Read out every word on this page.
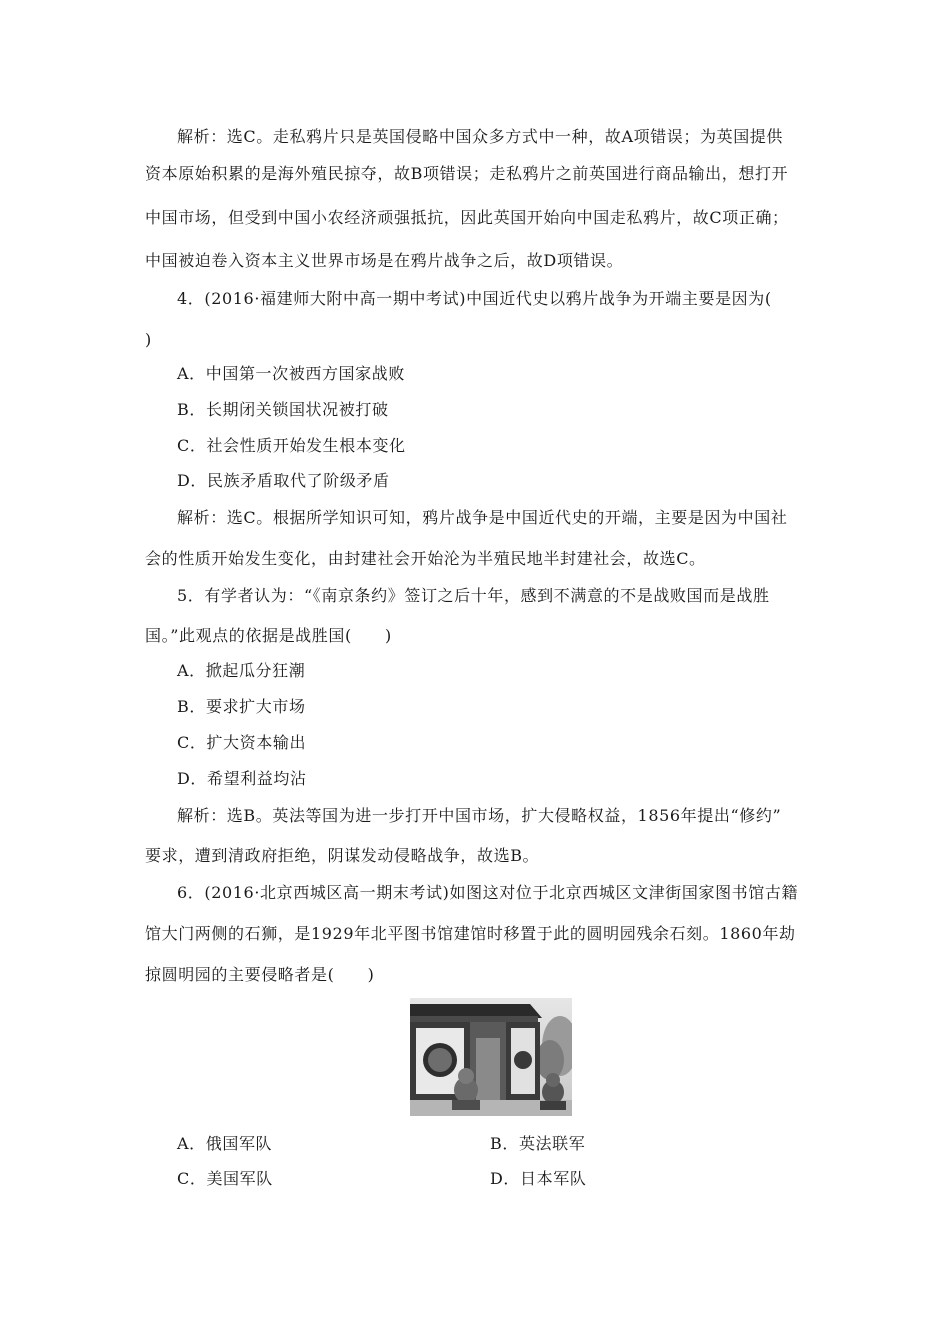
解析：选C。走私鸦片只是英国侵略中国众多方式中一种，故A项错误；为英国提供
资本原始积累的是海外殖民掠夺，故B项错误；走私鸦片之前英国进行商品输出，想打开
中国市场，但受到中国小农经济顽强抵抗，因此英国开始向中国走私鸦片，故C项正确；
中国被迫卷入资本主义世界市场是在鸦片战争之后，故D项错误。
4．(2016·福建师大附中高一期中考试)中国近代史以鸦片战争为开端主要是因为(
)
A．中国第一次被西方国家战败
B．长期闭关锁国状况被打破
C．社会性质开始发生根本变化
D．民族矛盾取代了阶级矛盾
解析：选C。根据所学知识可知，鸦片战争是中国近代史的开端，主要是因为中国社
会的性质开始发生变化，由封建社会开始沦为半殖民地半封建社会，故选C。
5．有学者认为：“《南京条约》签订之后十年，感到不满意的不是战败国而是战胜
国。”此观点的依据是战胜国(　　)
A．掀起瓜分狂潮
B．要求扩大市场
C．扩大资本输出
D．希望利益均沾
解析：选B。英法等国为进一步打开中国市场，扩大侵略权益，1856年提出“修约”
要求，遭到清政府拒绝，阴谋发动侵略战争，故选B。
6．(2016·北京西城区高一期末考试)如图这对位于北京西城区文津街国家图书馆古籍
馆大门两侧的石狮，是1929年北平图书馆建馆时移置于此的圆明园残余石刻。1860年劫
掠圆明园的主要侵略者是(　　)
A．俄国军队	B．英法联军
C．美国军队	D．日本军队
